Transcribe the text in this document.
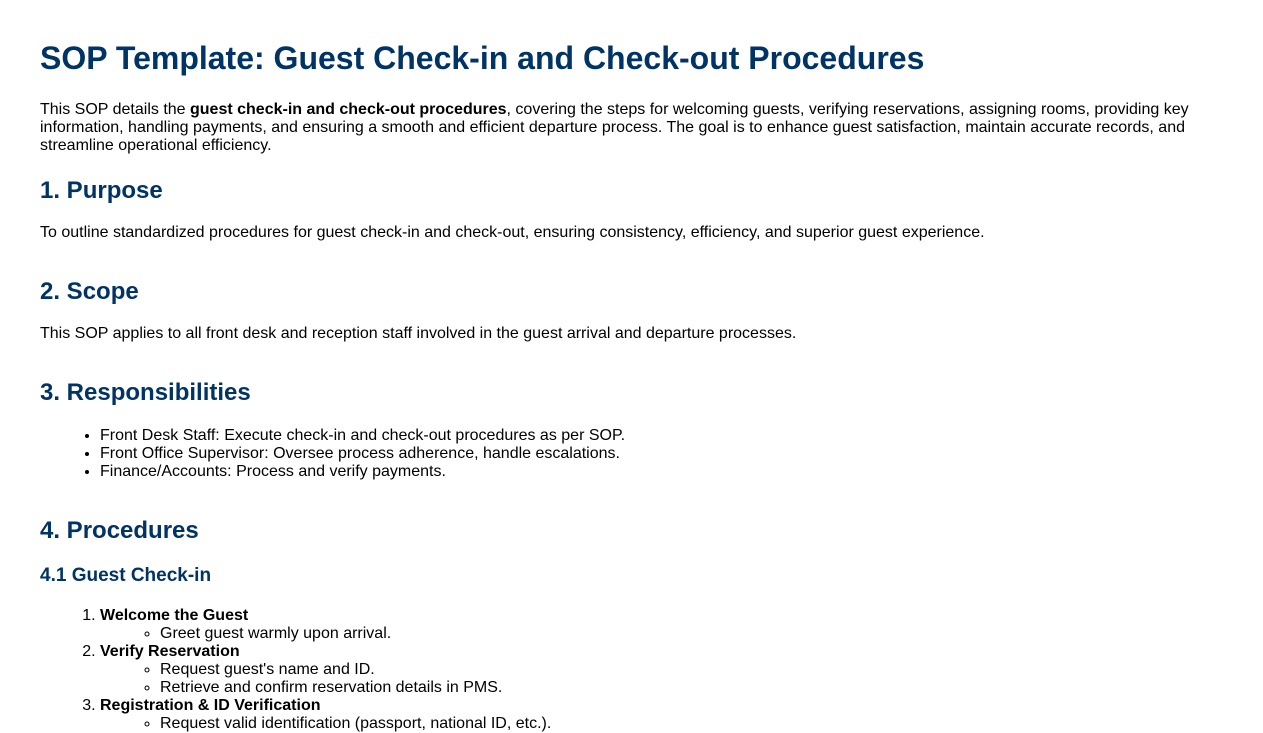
SOP Template: Guest Check-in and Check-out Procedures

This SOP details the guest check-in and check-out procedures, covering the steps for welcoming guests, verifying reservations, assigning rooms, providing key information, handling payments, and ensuring a smooth and efficient departure process. The goal is to enhance guest satisfaction, maintain accurate records, and streamline operational efficiency.

1. Purpose

To outline standardized procedures for guest check-in and check-out, ensuring consistency, efficiency, and superior guest experience.

2. Scope

This SOP applies to all front desk and reception staff involved in the guest arrival and departure processes.

3. Responsibilities
• Front Desk Staff: Execute check-in and check-out procedures as per SOP.
• Front Office Supervisor: Oversee process adherence, handle escalations.
• Finance/Accounts: Process and verify payments.
4. Procedures
4.1 Guest Check-in
1. Welcome the Guest
◦ Greet guest warmly upon arrival.
2. Verify Reservation
◦ Request guest's name and ID.
◦ Retrieve and confirm reservation details in PMS.
3. Registration & ID Verification
◦ Request valid identification (passport, national ID, etc.).
